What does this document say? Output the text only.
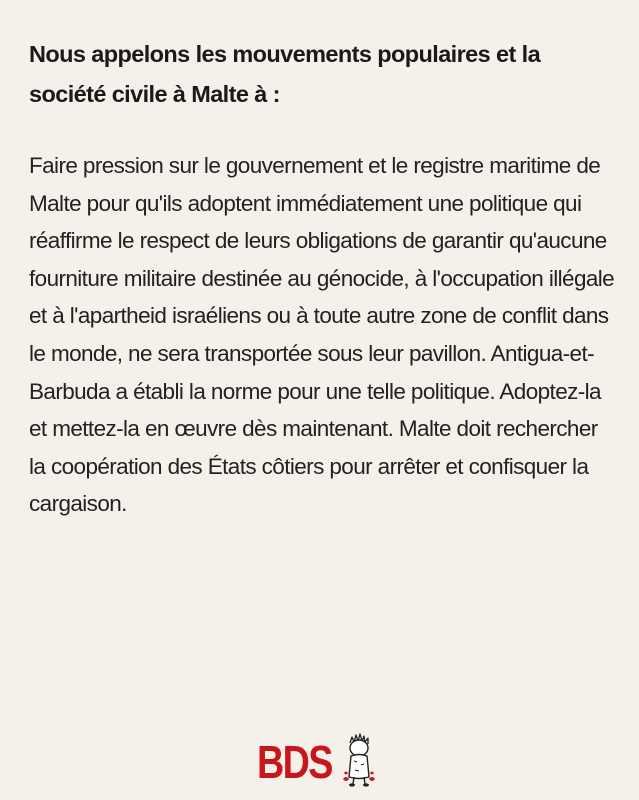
Nous appelons les mouvements populaires et la société civile à Malte à :

Faire pression sur le gouvernement et le registre maritime de Malte pour qu'ils adoptent immédiatement une politique qui réaffirme le respect de leurs obligations de garantir qu'aucune fourniture militaire destinée au génocide, à l'occupation illégale et à l'apartheid israéliens ou à toute autre zone de conflit dans le monde, ne sera transportée sous leur pavillon. Antigua-et-Barbuda a établi la norme pour une telle politique. Adoptez-la et mettez-la en œuvre dès maintenant. Malte doit rechercher la coopération des États côtiers pour arrêter et confisquer la cargaison.

BDS
